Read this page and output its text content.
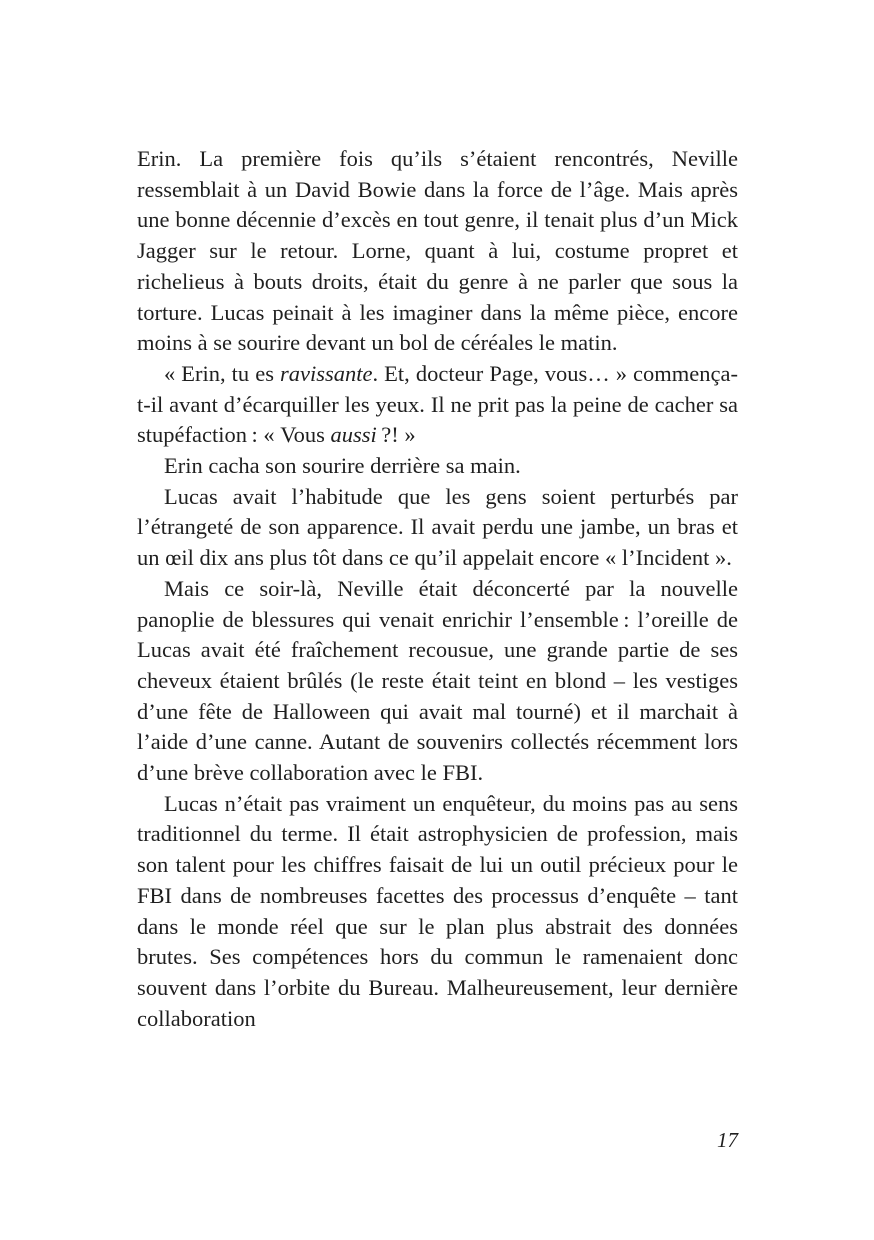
Erin. La première fois qu’ils s’étaient rencontrés, Neville ressemblait à un David Bowie dans la force de l’âge. Mais après une bonne décennie d’excès en tout genre, il tenait plus d’un Mick Jagger sur le retour. Lorne, quant à lui, costume propret et richelieus à bouts droits, était du genre à ne parler que sous la torture. Lucas peinait à les imaginer dans la même pièce, encore moins à se sourire devant un bol de céréales le matin.

« Erin, tu es ravissante. Et, docteur Page, vous… » commença-t-il avant d’écarquiller les yeux. Il ne prit pas la peine de cacher sa stupéfaction : « Vous aussi ?! »

Erin cacha son sourire derrière sa main.

Lucas avait l’habitude que les gens soient perturbés par l’étrangeté de son apparence. Il avait perdu une jambe, un bras et un œil dix ans plus tôt dans ce qu’il appelait encore « l’Incident ».

Mais ce soir-là, Neville était déconcerté par la nouvelle panoplie de blessures qui venait enrichir l’ensemble : l’oreille de Lucas avait été fraîchement recousue, une grande partie de ses cheveux étaient brûlés (le reste était teint en blond – les vestiges d’une fête de Halloween qui avait mal tourné) et il marchait à l’aide d’une canne. Autant de souvenirs collectés récemment lors d’une brève collaboration avec le FBI.

Lucas n’était pas vraiment un enquêteur, du moins pas au sens traditionnel du terme. Il était astrophysicien de profession, mais son talent pour les chiffres faisait de lui un outil précieux pour le FBI dans de nombreuses facettes des processus d’enquête – tant dans le monde réel que sur le plan plus abstrait des données brutes. Ses compétences hors du commun le ramenaient donc souvent dans l’orbite du Bureau. Malheureusement, leur dernière collaboration

17
